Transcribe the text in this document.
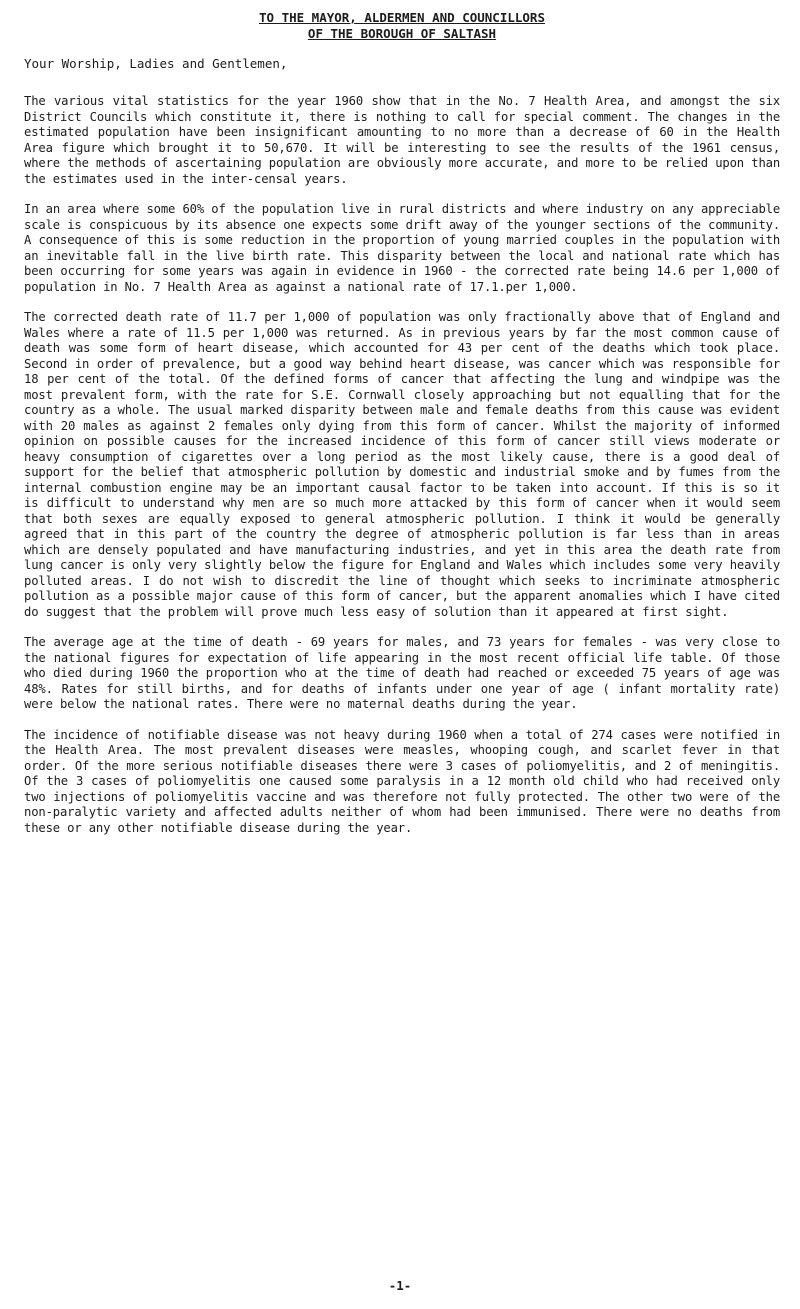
TO THE MAYOR, ALDERMEN AND COUNCILLORS
OF THE BOROUGH OF SALTASH
Your Worship, Ladies and Gentlemen,

The various vital statistics for the year 1960 show that in the No. 7 Health Area, and amongst the six District Councils which constitute it, there is nothing to call for special comment. The changes in the estimated population have been insignificant amounting to no more than a decrease of 60 in the Health Area figure which brought it to 50,670. It will be interesting to see the results of the 1961 census, where the methods of ascertaining population are obviously more accurate, and more to be relied upon than the estimates used in the inter-censal years.

In an area where some 60% of the population live in rural districts and where industry on any appreciable scale is conspicuous by its absence one expects some drift away of the younger sections of the community. A consequence of this is some reduction in the proportion of young married couples in the population with an inevitable fall in the live birth rate. This disparity between the local and national rate which has been occurring for some years was again in evidence in 1960 - the corrected rate being 14.6 per 1,000 of population in No. 7 Health Area as against a national rate of 17.1.per 1,000.

The corrected death rate of 11.7 per 1,000 of population was only fractionally above that of England and Wales where a rate of 11.5 per 1,000 was returned. As in previous years by far the most common cause of death was some form of heart disease, which accounted for 43 per cent of the deaths which took place. Second in order of prevalence, but a good way behind heart disease, was cancer which was responsible for 18 per cent of the total. Of the defined forms of cancer that affecting the lung and windpipe was the most prevalent form, with the rate for S.E. Cornwall closely approaching but not equalling that for the country as a whole. The usual marked disparity between male and female deaths from this cause was evident with 20 males as against 2 females only dying from this form of cancer. Whilst the majority of informed opinion on possible causes for the increased incidence of this form of cancer still views moderate or heavy consumption of cigarettes over a long period as the most likely cause, there is a good deal of support for the belief that atmospheric pollution by domestic and industrial smoke and by fumes from the internal combustion engine may be an important causal factor to be taken into account. If this is so it is difficult to understand why men are so much more attacked by this form of cancer when it would seem that both sexes are equally exposed to general atmospheric pollution. I think it would be generally agreed that in this part of the country the degree of atmospheric pollution is far less than in areas which are densely populated and have manufacturing industries, and yet in this area the death rate from lung cancer is only very slightly below the figure for England and Wales which includes some very heavily polluted areas. I do not wish to discredit the line of thought which seeks to incriminate atmospheric pollution as a possible major cause of this form of cancer, but the apparent anomalies which I have cited do suggest that the problem will prove much less easy of solution than it appeared at first sight.

The average age at the time of death - 69 years for males, and 73 years for females - was very close to the national figures for expectation of life appearing in the most recent official life table. Of those who died during 1960 the proportion who at the time of death had reached or exceeded 75 years of age was 48%. Rates for still births, and for deaths of infants under one year of age ( infant mortality rate) were below the national rates. There were no maternal deaths during the year.

The incidence of notifiable disease was not heavy during 1960 when a total of 274 cases were notified in the Health Area. The most prevalent diseases were measles, whooping cough, and scarlet fever in that order. Of the more serious notifiable diseases there were 3 cases of poliomyelitis, and 2 of meningitis. Of the 3 cases of poliomyelitis one caused some paralysis in a 12 month old child who had received only two injections of poliomyelitis vaccine and was therefore not fully protected. The other two were of the non-paralytic variety and affected adults neither of whom had been immunised. There were no deaths from these or any other notifiable disease during the year.

-1-
